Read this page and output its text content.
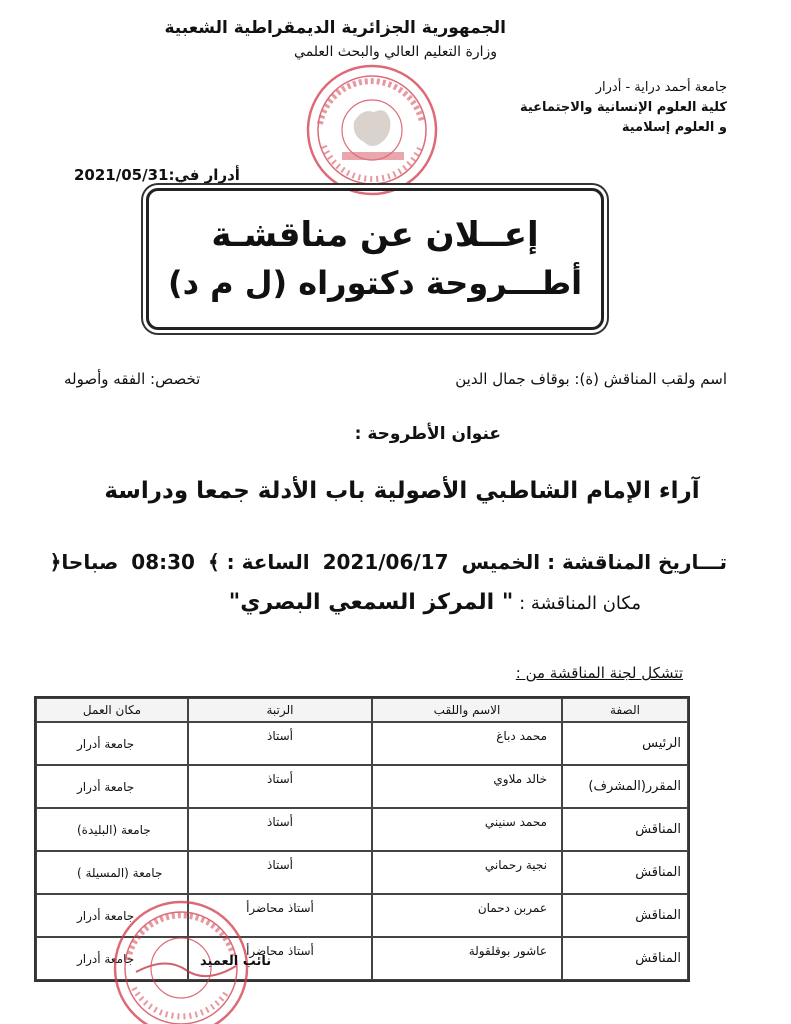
الجمهورية الجزائرية الديمقراطية الشعبية
وزارة التعليم العالي والبحث العلمي
جامعة أحمد دراية - أدرار
كلية العلوم الإنسانية والاجتماعية
و العلوم إسلامية
أدرار في:2021/05/31
إعــلان عن مناقشـة
أطـــروحة دكتوراه (ل م د)
اسم ولقب المناقش (ة): بوقاف جمال الدين
تخصص: الفقه وأصوله
عنوان الأطروحة :
آراء الإمام الشاطبي الأصولية باب الأدلة جمعا ودراسة
تـــاريخ المناقشة : الخميس 2021/06/17 الساعة : ﴾ 08:30 صباحا﴿
مكان المناقشة : " المركز السمعي البصري"
تتشكل لجنة المناقشة من :
الصفة	الاسم واللقب	الرتبة	مكان العمل
الرئيس	محمد دباغ	أستاذ	جامعة أدرار
المقرر(المشرف)	خالد ملاوي	أستاذ	جامعة أدرار
المناقش	محمد سنيني	أستاذ	جامعة (البليدة)
المناقش	نجية رحماني	أستاذ	جامعة (المسيلة )
المناقش	عمربن دحمان	أستاذ محاضرأ	جامعة أدرار
المناقش	عاشور بوقلقولة	أستاذ محاضرأ	جامعة أدرار	نائب العميد
